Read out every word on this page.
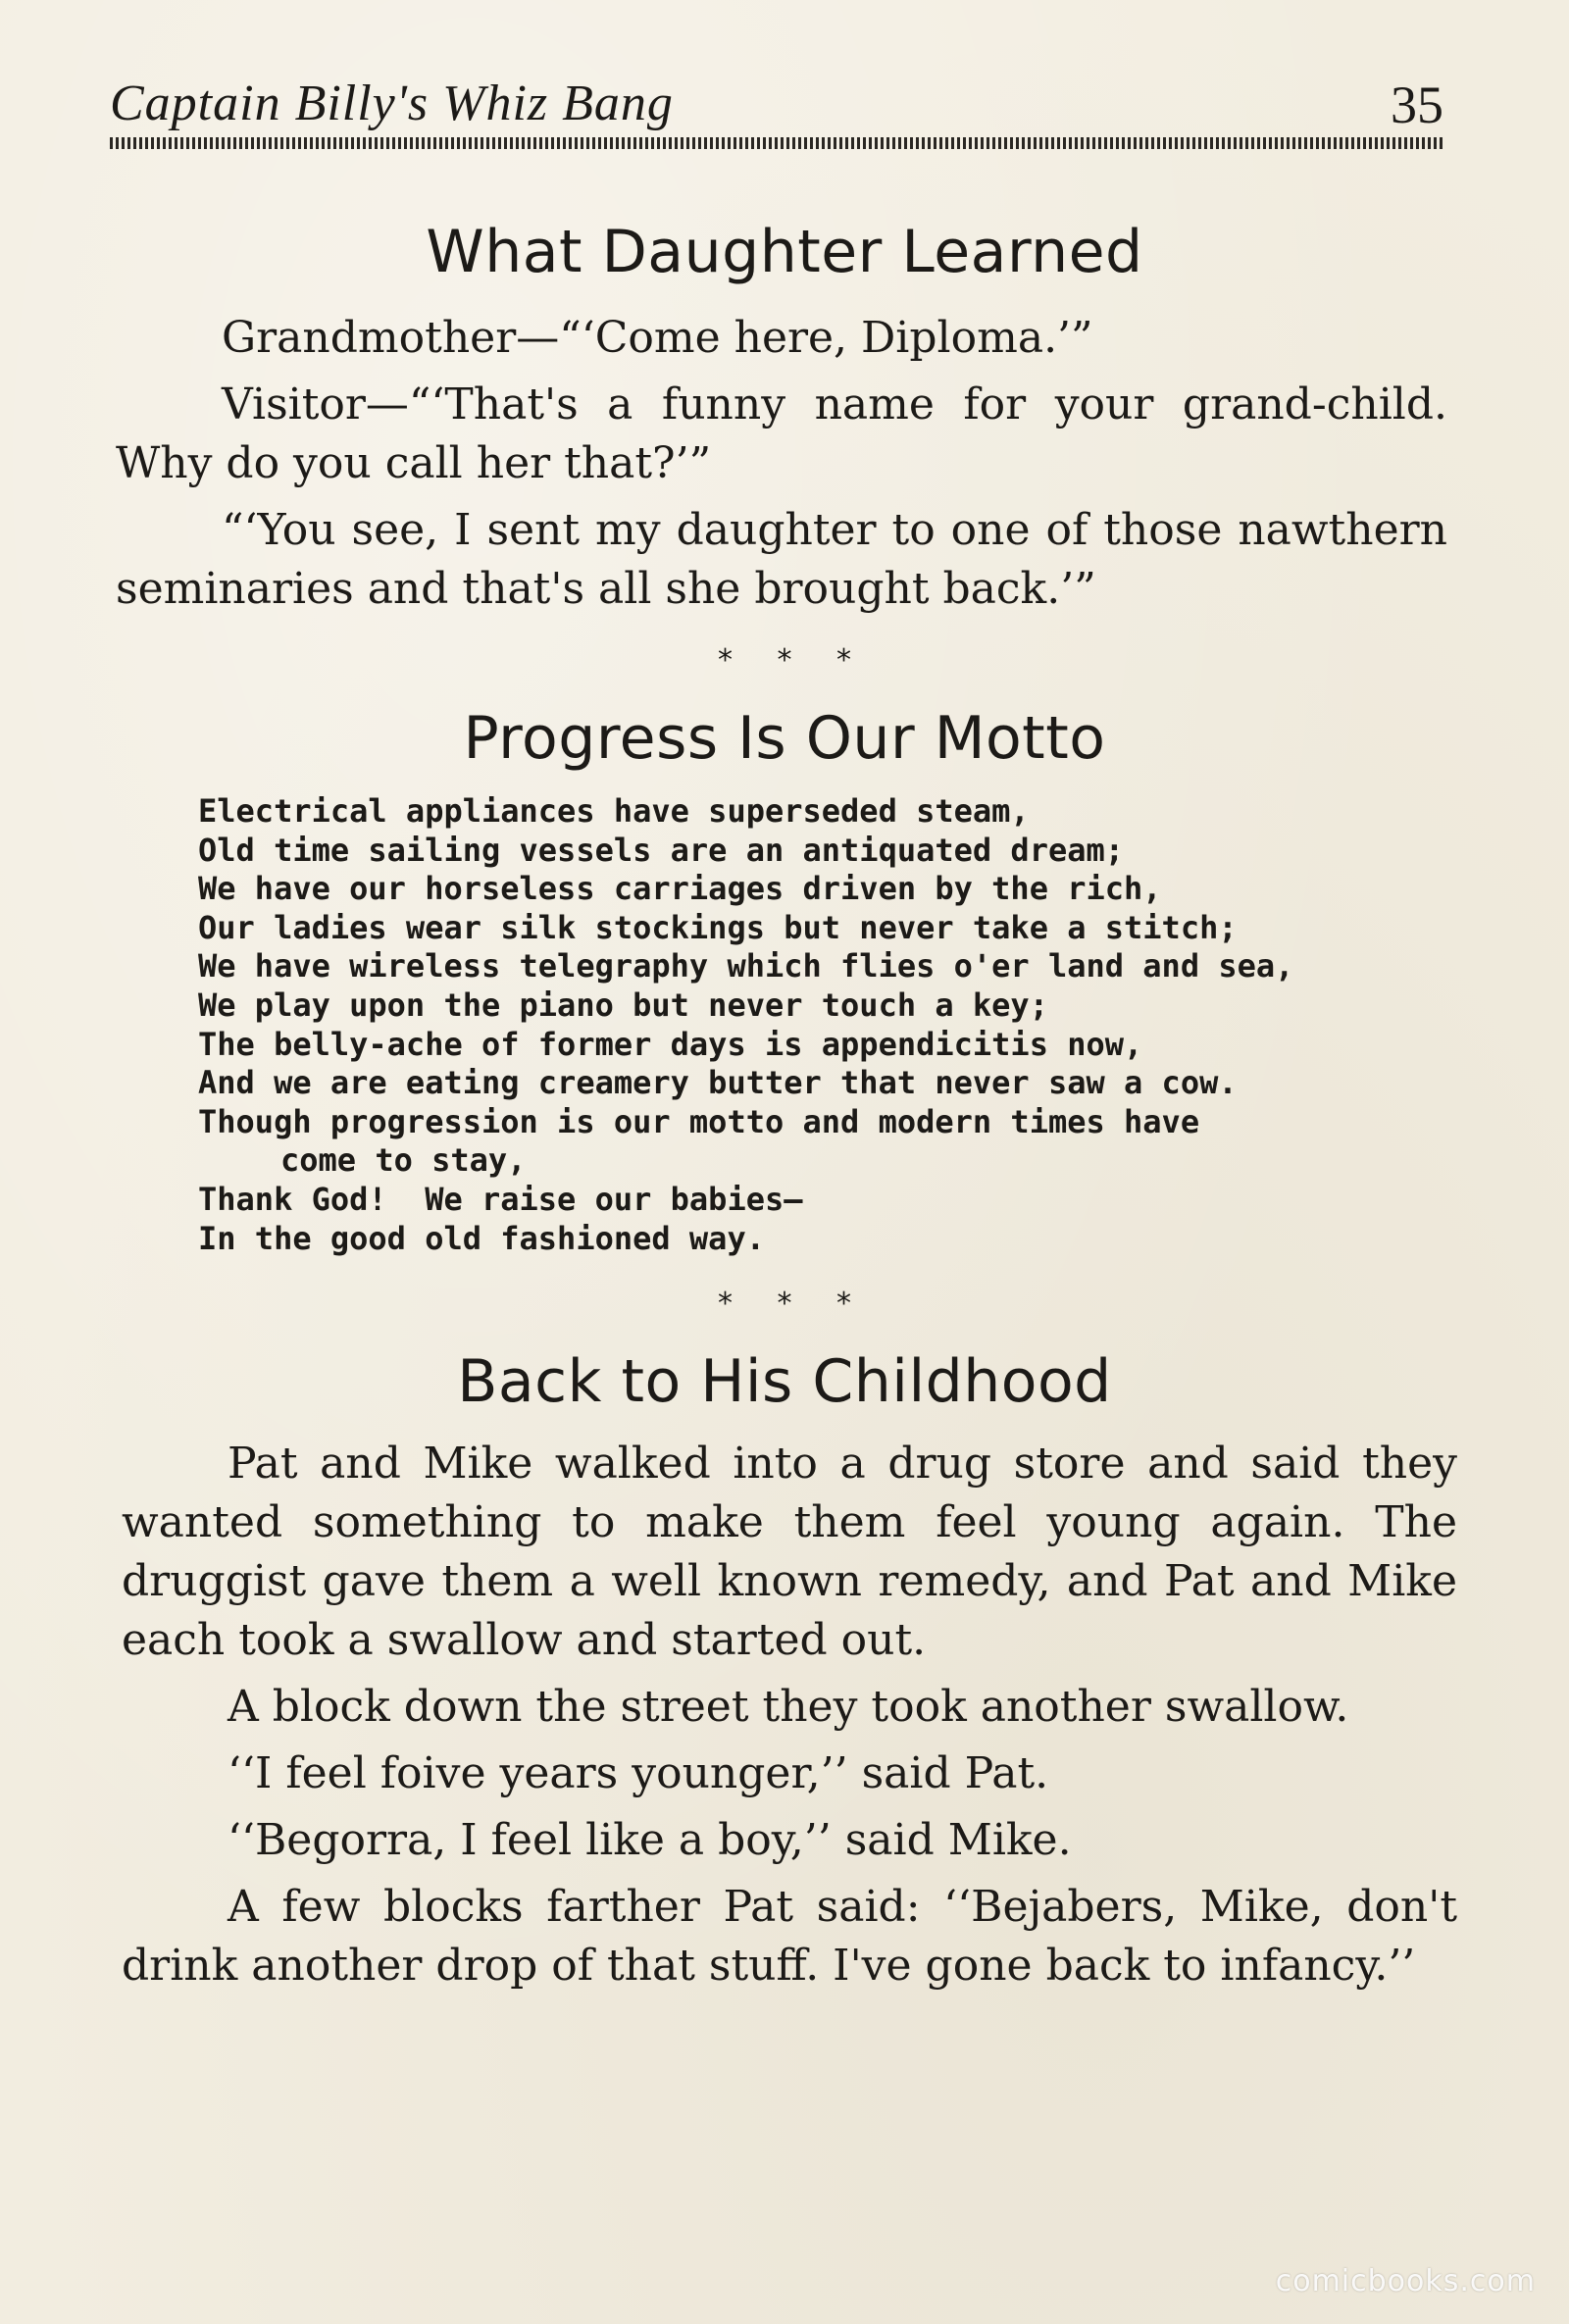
Captain Billy's Whiz Bang	35
What Daughter Learned

Grandmother—“‘Come here, Diploma.’”

Visitor—“‘That's a funny name for your grand-child. Why do you call her that?’”

“‘You see, I sent my daughter to one of those nawthern seminaries and that's all she brought back.’”

* * *
Progress Is Our Motto
Electrical appliances have superseded steam,
Old time sailing vessels are an antiquated dream;
We have our horseless carriages driven by the rich,
Our ladies wear silk stockings but never take a stitch;
We have wireless telegraphy which flies o'er land and sea,
We play upon the piano but never touch a key;
The belly-ache of former days is appendicitis now,
And we are eating creamery butter that never saw a cow.
Though progression is our motto and modern times have
come to stay,
Thank God!  We raise our babies—
In the good old fashioned way.
* * *
Back to His Childhood

Pat and Mike walked into a drug store and said they wanted something to make them feel young again. The druggist gave them a well known remedy, and Pat and Mike each took a swallow and started out.

A block down the street they took another swallow.

‘‘I feel foive years younger,’’ said Pat.

‘‘Begorra, I feel like a boy,’’ said Mike.

A few blocks farther Pat said: ‘‘Bejabers, Mike, don't drink another drop of that stuff. I've gone back to infancy.’’

comicbooks.com
